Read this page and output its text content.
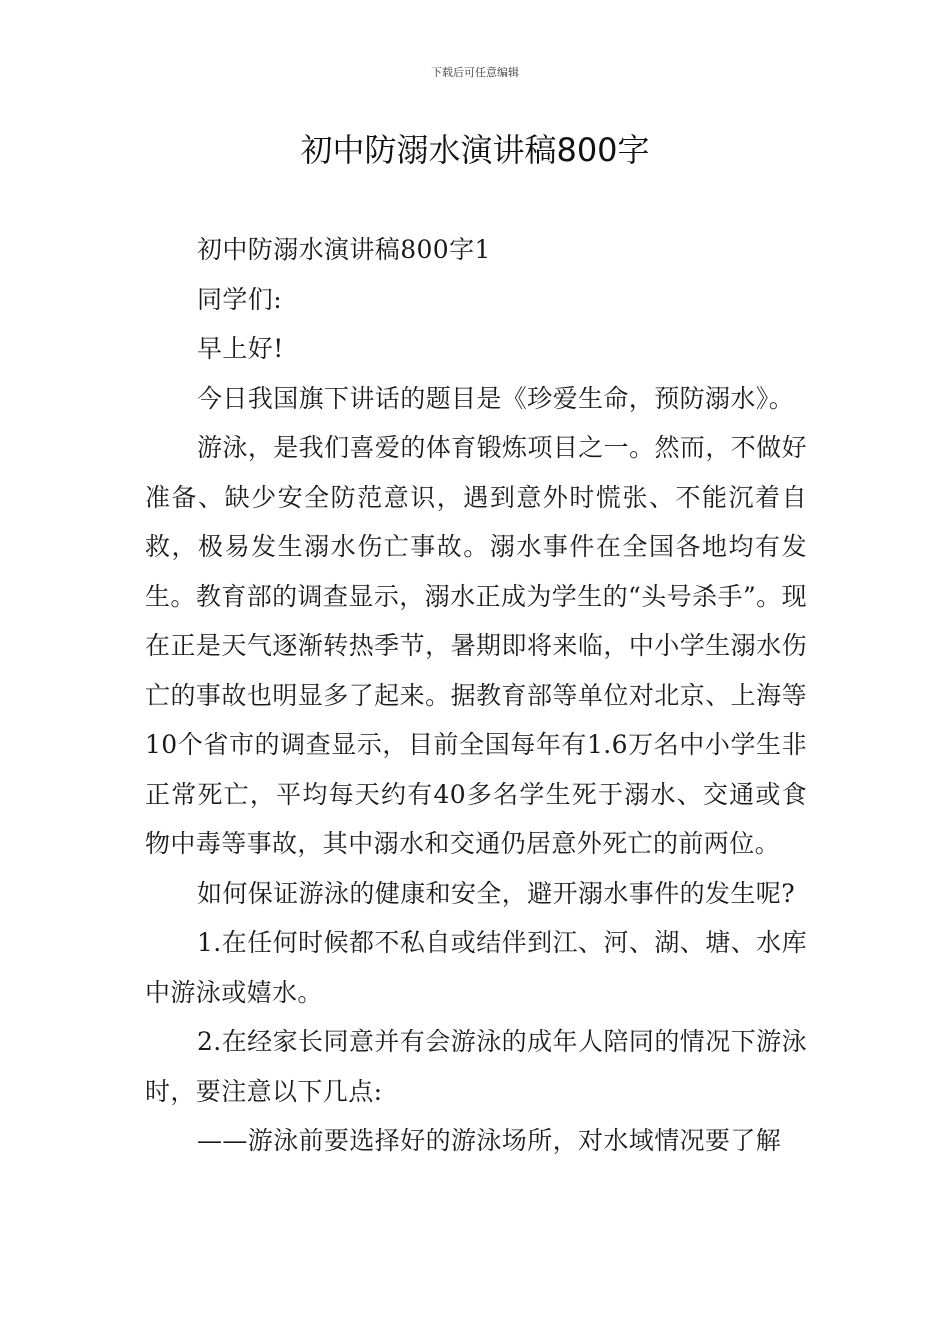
下载后可任意编辑
初中防溺水演讲稿800字

初中防溺水演讲稿800字1

同学们:

早上好!

今日我国旗下讲话的题目是《珍爱生命，预防溺水》。

游泳，是我们喜爱的体育锻炼项目之一。然而，不做好准备、缺少安全防范意识，遇到意外时慌张、不能沉着自救，极易发生溺水伤亡事故。溺水事件在全国各地均有发生。教育部的调查显示，溺水正成为学生的“头号杀手”。现在正是天气逐渐转热季节，暑期即将来临，中小学生溺水伤亡的事故也明显多了起来。据教育部等单位对北京、上海等10个省市的调查显示，目前全国每年有1.6万名中小学生非正常死亡，平均每天约有40多名学生死于溺水、交通或食物中毒等事故，其中溺水和交通仍居意外死亡的前两位。

如何保证游泳的健康和安全，避开溺水事件的发生呢?

1.在任何时候都不私自或结伴到江、河、湖、塘、水库中游泳或嬉水。

2.在经家长同意并有会游泳的成年人陪同的情况下游泳时，要注意以下几点:

——游泳前要选择好的游泳场所，对水域情况要了解
